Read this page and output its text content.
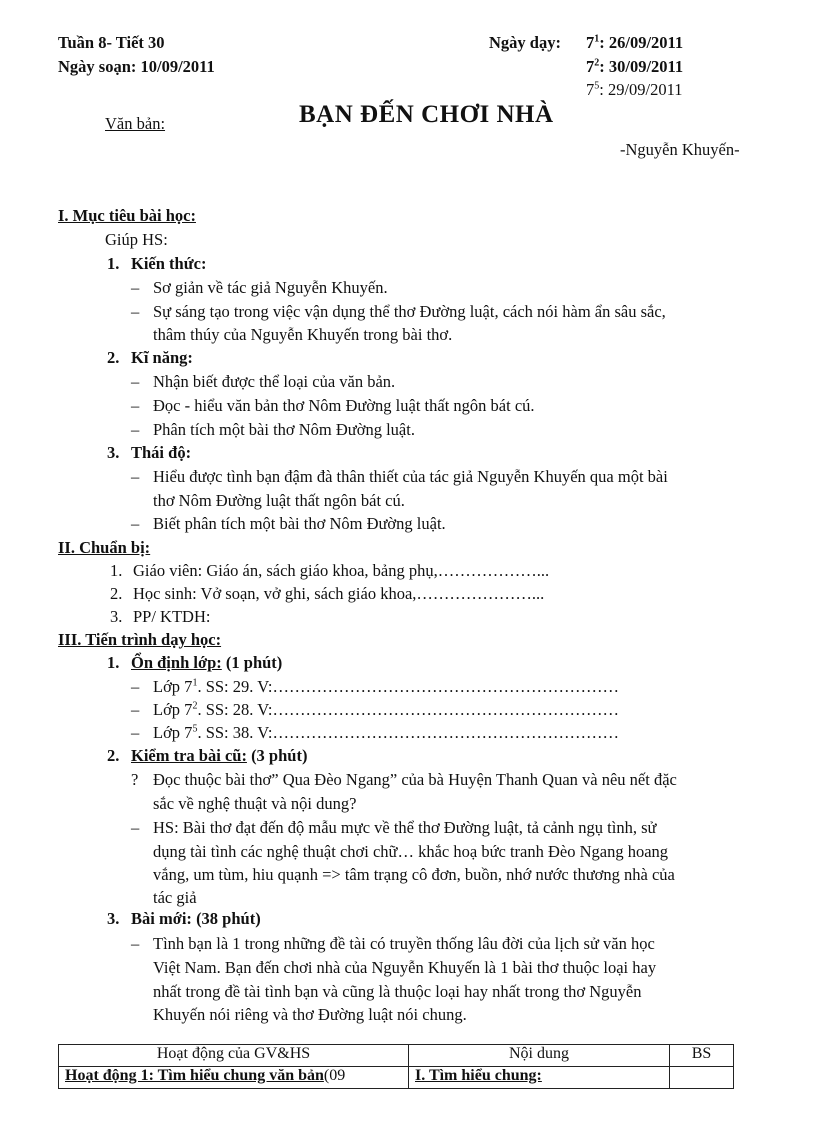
Tuần 8- Tiết 30
Ngày soạn: 10/09/2011
Ngày dạy: $7^1$: 26/09/2011
$7^2$: 30/09/2011
$7^5$: 29/09/2011
Văn bản:	BẠN ĐẾN CHƠI NHÀ
-Nguyễn Khuyến-
I. Mục tiêu bài học:
Giúp HS:
1. Kiến thức:
– Sơ giản về tác giả Nguyễn Khuyến.
– Sự sáng tạo trong việc vận dụng thể thơ Đường luật, cách nói hàm ẩn sâu sắc,
thâm thúy của Nguyễn Khuyến trong bài thơ.
2. Kĩ năng:
– Nhận biết được thể loại của văn bản.
– Đọc - hiểu văn bản thơ Nôm Đường luật thất ngôn bát cú.
– Phân tích một bài thơ Nôm Đường luật.
3. Thái độ:
– Hiểu được tình bạn đậm đà thân thiết của tác giả Nguyễn Khuyến qua một bài
thơ Nôm Đường luật thất ngôn bát cú.
– Biết phân tích một bài thơ Nôm Đường luật.
II. Chuẩn bị:
1. Giáo viên: Giáo án, sách giáo khoa, bảng phụ,………………...
2. Học sinh: Vở soạn, vở ghi, sách giáo khoa,…………………...
3. PP/ KTDH:
III. Tiến trình dạy học:
1. Ổn định lớp: (1 phút)
– Lớp $7^1$. SS: 29. V:………………………………………………………
– Lớp $7^2$. SS: 28. V:………………………………………………………
– Lớp $7^5$. SS: 38. V:………………………………………………………
2. Kiểm tra bài cũ: (3 phút)
? Đọc thuộc bài thơ” Qua Đèo Ngang” của bà Huyện Thanh Quan và nêu nết đặc
sắc về nghệ thuật và nội dung?
– HS: Bài thơ đạt đến độ mẫu mực về thể thơ Đường luật, tả cảnh ngụ tình, sử
dụng tài tình các nghệ thuật chơi chữ… khắc hoạ bức tranh Đèo Ngang hoang
vắng, um tùm, hiu quạnh => tâm trạng cô đơn, buồn, nhớ nước thương nhà của
tác giả
3. Bài mới: (38 phút)
– Tình bạn là 1 trong những đề tài có truyền thống lâu đời của lịch sử văn học
Việt Nam. Bạn đến chơi nhà của Nguyễn Khuyến là 1 bài thơ thuộc loại hay
nhất trong đề tài tình bạn và cũng là thuộc loại hay nhất trong thơ Nguyễn
Khuyến nói riêng và thơ Đường luật nói chung.
Hoạt động của GV&HS	Nội dung	BS
Hoạt động 1: Tìm hiểu chung văn bản(09	I. Tìm hiểu chung:	
